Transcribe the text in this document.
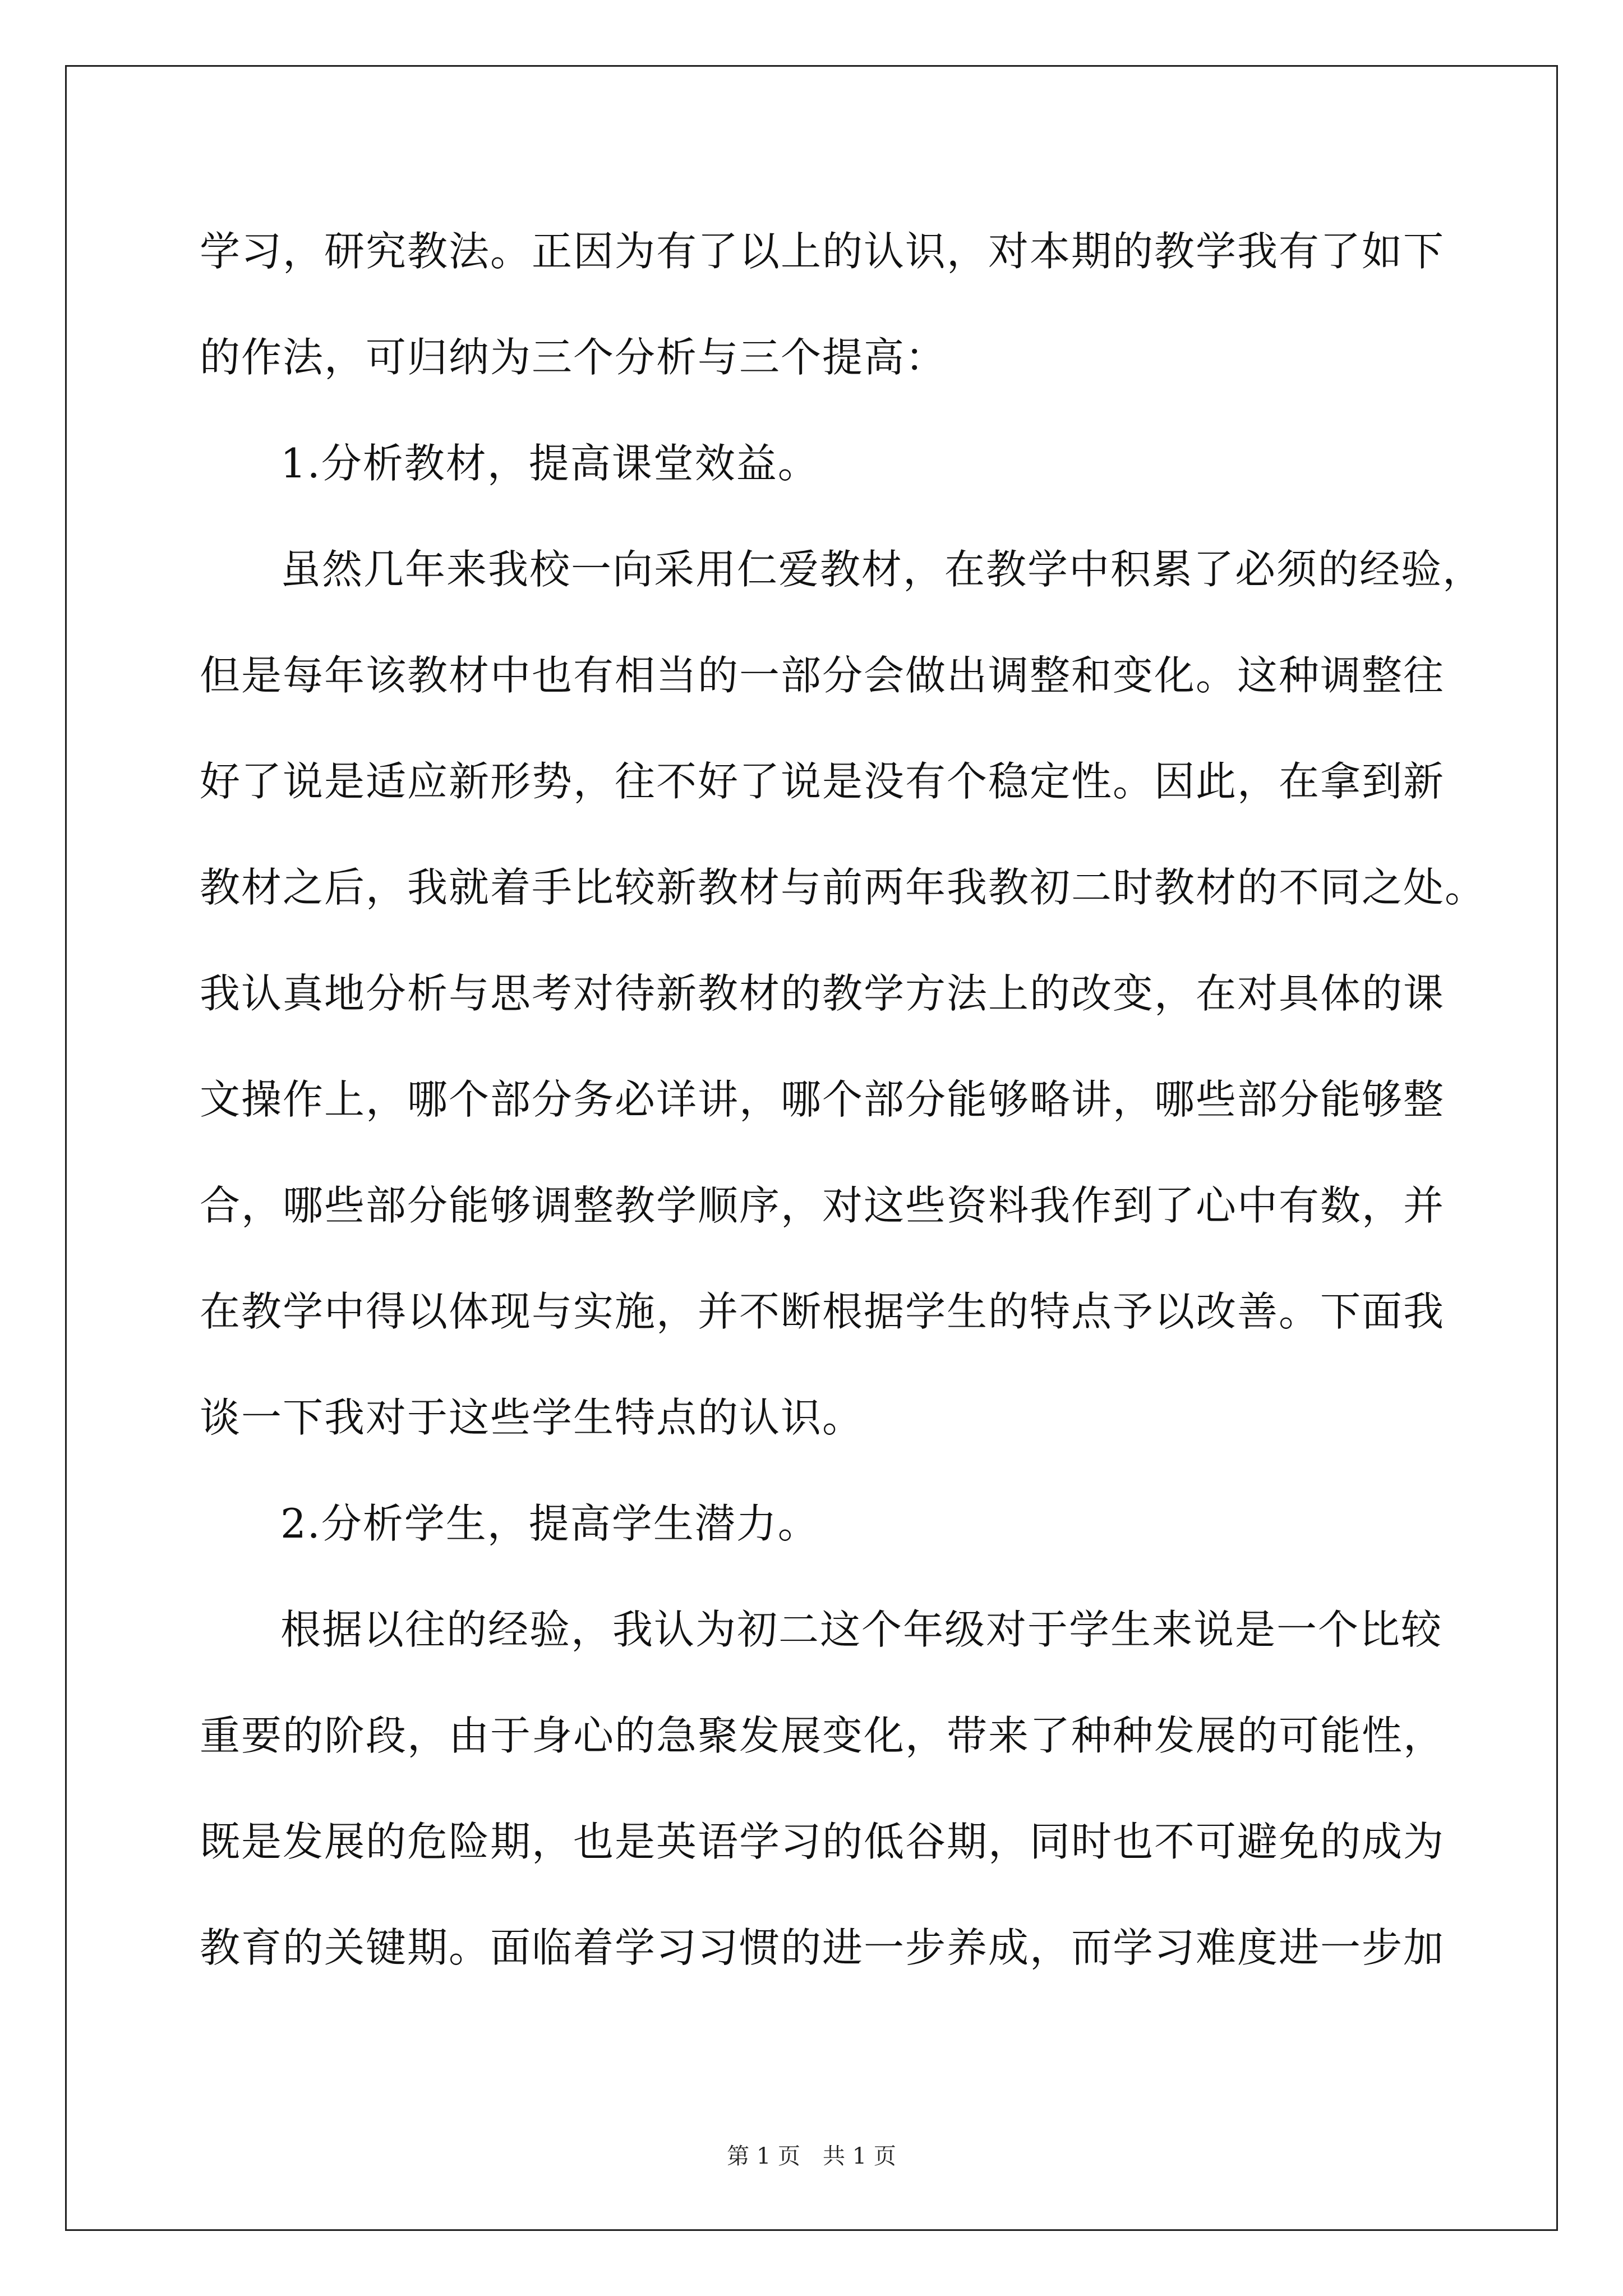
学习，研究教法。正因为有了以上的认识，对本期的教学我有了如下
的作法，可归纳为三个分析与三个提高：
1.分析教材，提高课堂效益。
虽然几年来我校一向采用仁爱教材，在教学中积累了必须的经验，
但是每年该教材中也有相当的一部分会做出调整和变化。这种调整往
好了说是适应新形势，往不好了说是没有个稳定性。因此，在拿到新
教材之后，我就着手比较新教材与前两年我教初二时教材的不同之处。
我认真地分析与思考对待新教材的教学方法上的改变，在对具体的课
文操作上，哪个部分务必详讲，哪个部分能够略讲，哪些部分能够整
合，哪些部分能够调整教学顺序，对这些资料我作到了心中有数，并
在教学中得以体现与实施，并不断根据学生的特点予以改善。下面我
谈一下我对于这些学生特点的认识。
2.分析学生，提高学生潜力。
根据以往的经验，我认为初二这个年级对于学生来说是一个比较
重要的阶段，由于身心的急聚发展变化，带来了种种发展的可能性，
既是发展的危险期，也是英语学习的低谷期，同时也不可避免的成为
教育的关键期。面临着学习习惯的进一步养成，而学习难度进一步加
第 1 页　共 1 页
